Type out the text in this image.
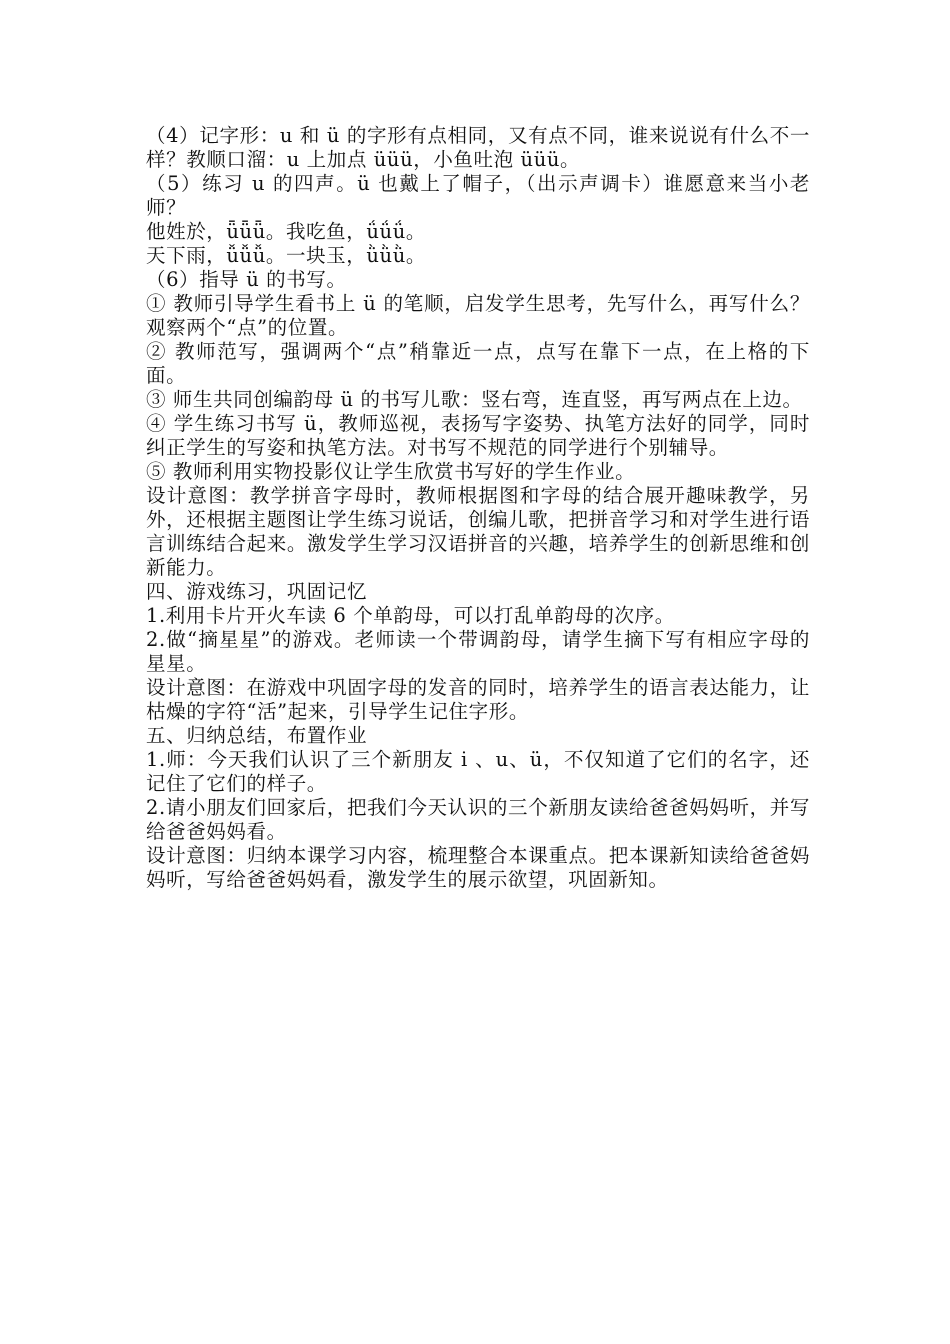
（4）记字形：u 和 ü 的字形有点相同，又有点不同，谁来说说有什么不一样？教顺口溜：u 上加点 üüü，小鱼吐泡 üüü。

（5）练习 u 的四声。ü 也戴上了帽子，（出示声调卡）谁愿意来当小老师？

他姓於，ǖǖǖ。我吃鱼，ǘǘǘ。

天下雨，ǚǚǚ。一块玉，ǜǜǜ。

（6）指导 ü 的书写。

① 教师引导学生看书上 ü 的笔顺，启发学生思考，先写什么，再写什么？观察两个“点”的位置。

② 教师范写，强调两个“点”稍靠近一点，点写在靠下一点，在上格的下面。

③ 师生共同创编韵母 ü 的书写儿歌：竖右弯，连直竖，再写两点在上边。

④ 学生练习书写 ü，教师巡视，表扬写字姿势、执笔方法好的同学，同时纠正学生的写姿和执笔方法。对书写不规范的同学进行个别辅导。

⑤ 教师利用实物投影仪让学生欣赏书写好的学生作业。

设计意图：教学拼音字母时，教师根据图和字母的结合展开趣味教学，另外，还根据主题图让学生练习说话，创编儿歌，把拼音学习和对学生进行语言训练结合起来。激发学生学习汉语拼音的兴趣，培养学生的创新思维和创新能力。

四、游戏练习，巩固记忆

1.利用卡片开火车读 6 个单韵母，可以打乱单韵母的次序。

2.做“摘星星”的游戏。老师读一个带调韵母，请学生摘下写有相应字母的星星。

设计意图：在游戏中巩固字母的发音的同时，培养学生的语言表达能力，让枯燥的字符“活”起来，引导学生记住字形。

五、归纳总结，布置作业

1.师：今天我们认识了三个新朋友 i 、u、ü，不仅知道了它们的名字，还记住了它们的样子。

2.请小朋友们回家后，把我们今天认识的三个新朋友读给爸爸妈妈听，并写给爸爸妈妈看。

设计意图：归纳本课学习内容，梳理整合本课重点。把本课新知读给爸爸妈妈听，写给爸爸妈妈看，激发学生的展示欲望，巩固新知。
